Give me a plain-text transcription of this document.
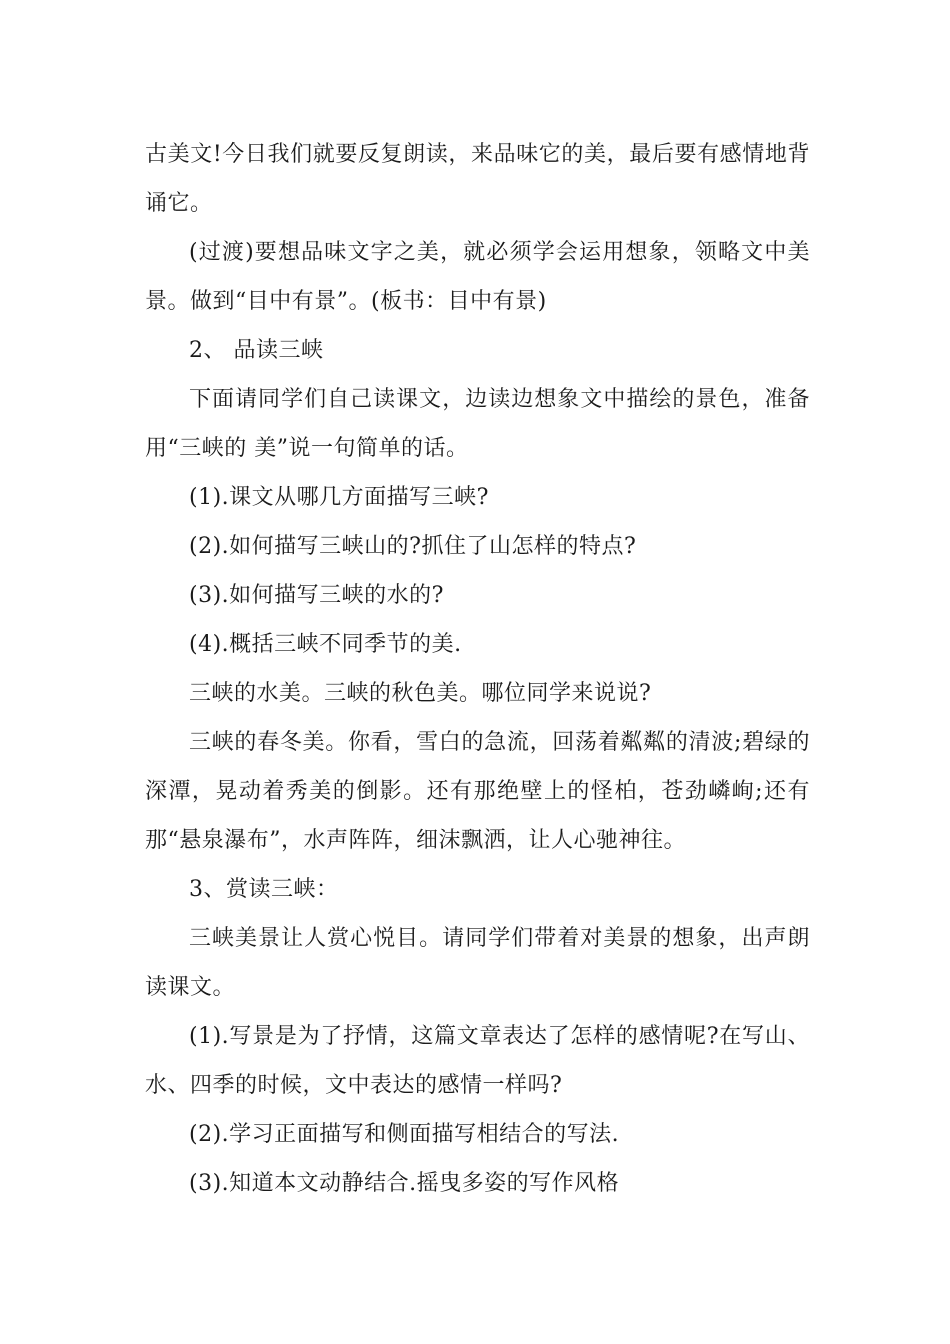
古美文!今日我们就要反复朗读，来品味它的美，最后要有感情地背诵它。

(过渡)要想品味文字之美，就必须学会运用想象，领略文中美景。做到“目中有景”。(板书：目中有景)

2、 品读三峡

下面请同学们自己读课文，边读边想象文中描绘的景色，准备用“三峡的 美”说一句简单的话。

(1).课文从哪几方面描写三峡?

(2).如何描写三峡山的?抓住了山怎样的特点?

(3).如何描写三峡的水的?

(4).概括三峡不同季节的美.

三峡的水美。三峡的秋色美。哪位同学来说说?

三峡的春冬美。你看，雪白的急流，回荡着粼粼的清波;碧绿的深潭，晃动着秀美的倒影。还有那绝壁上的怪柏，苍劲嶙峋;还有那“悬泉瀑布”，水声阵阵，细沫飘洒，让人心驰神往。

3、赏读三峡：

三峡美景让人赏心悦目。请同学们带着对美景的想象，出声朗读课文。

(1).写景是为了抒情，这篇文章表达了怎样的感情呢?在写山、水、四季的时候，文中表达的感情一样吗?

(2).学习正面描写和侧面描写相结合的写法.

(3).知道本文动静结合.摇曳多姿的写作风格
